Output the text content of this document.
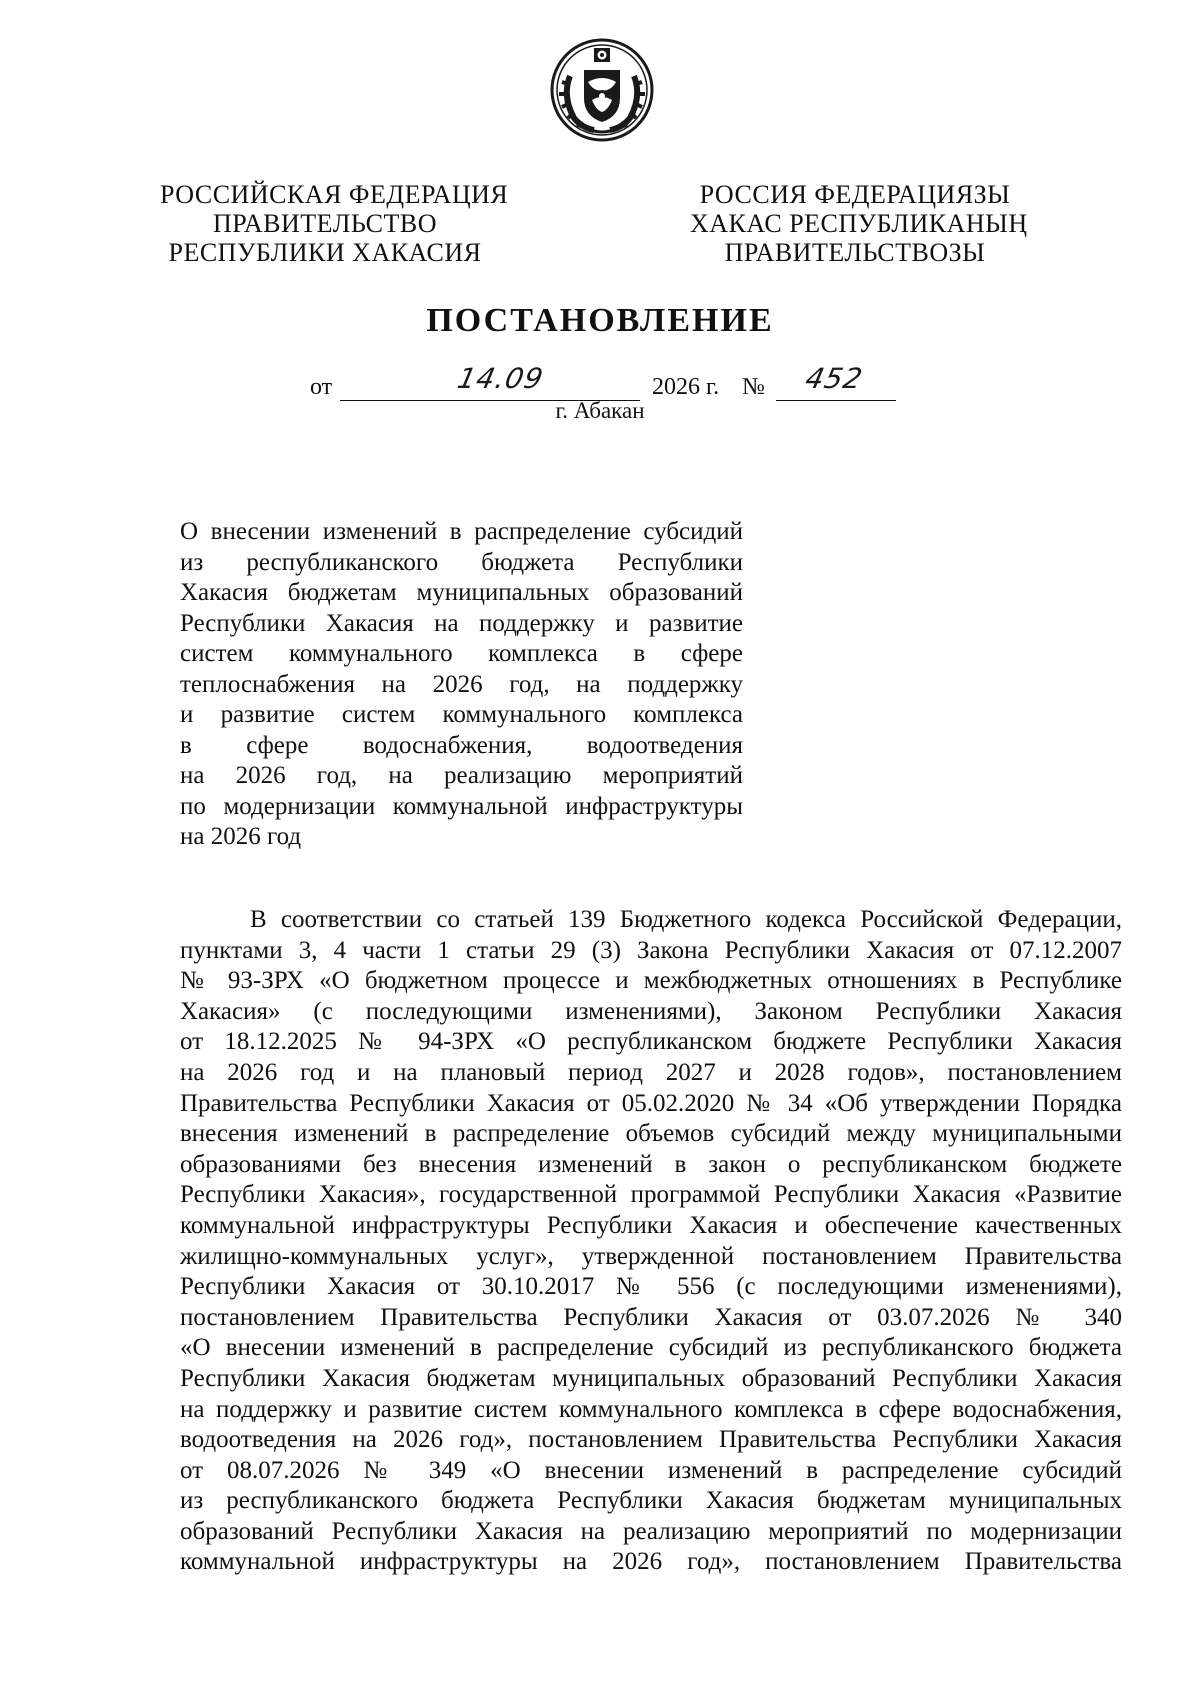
РОССИЙСКАЯ ФЕДЕРАЦИЯ
ПРАВИТЕЛЬСТВО
РЕСПУБЛИКИ ХАКАСИЯ
РОССИЯ ФЕДЕРАЦИЯЗЫ
ХАКАС РЕСПУБЛИКАНЫҢ
ПРАВИТЕЛЬСТВОЗЫ
ПОСТАНОВЛЕНИЕ
от	14.09	2026 г. № 452
г. Абакан
О внесении изменений в распределение субсидий
из республиканского бюджета Республики
Хакасия бюджетам муниципальных образований
Республики Хакасия на поддержку и развитие
систем коммунального комплекса в сфере
теплоснабжения на 2026 год, на поддержку
и развитие систем коммунального комплекса
в сфере водоснабжения, водоотведения
на 2026 год, на реализацию мероприятий
по модернизации коммунальной инфраструктуры
на 2026 год
В соответствии со статьей 139 Бюджетного кодекса Российской Федерации,
пунктами 3, 4 части 1 статьи 29 (3) Закона Республики Хакасия от 07.12.2007
№ 93-ЗРХ «О бюджетном процессе и межбюджетных отношениях в Республике
Хакасия» (с последующими изменениями), Законом Республики Хакасия
от 18.12.2025 № 94-ЗРХ «О республиканском бюджете Республики Хакасия
на 2026 год и на плановый период 2027 и 2028 годов», постановлением
Правительства Республики Хакасия от 05.02.2020 № 34 «Об утверждении Порядка
внесения изменений в распределение объемов субсидий между муниципальными
образованиями без внесения изменений в закон о республиканском бюджете
Республики Хакасия», государственной программой Республики Хакасия «Развитие
коммунальной инфраструктуры Республики Хакасия и обеспечение качественных
жилищно-коммунальных услуг», утвержденной постановлением Правительства
Республики Хакасия от 30.10.2017 № 556 (с последующими изменениями),
постановлением Правительства Республики Хакасия от 03.07.2026 № 340
«О внесении изменений в распределение субсидий из республиканского бюджета
Республики Хакасия бюджетам муниципальных образований Республики Хакасия
на поддержку и развитие систем коммунального комплекса в сфере водоснабжения,
водоотведения на 2026 год», постановлением Правительства Республики Хакасия
от 08.07.2026 № 349 «О внесении изменений в распределение субсидий
из республиканского бюджета Республики Хакасия бюджетам муниципальных
образований Республики Хакасия на реализацию мероприятий по модернизации
коммунальной инфраструктуры на 2026 год», постановлением Правительства
